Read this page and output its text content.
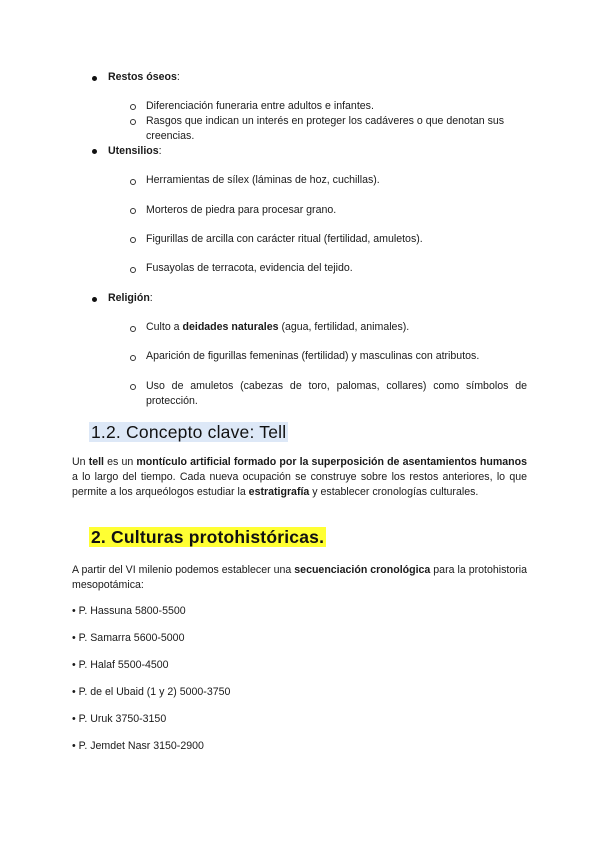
Restos óseos:
Diferenciación funeraria entre adultos e infantes.
Rasgos que indican un interés en proteger los cadáveres o que denotan sus creencias.
Utensilios:
Herramientas de sílex (láminas de hoz, cuchillas).
Morteros de piedra para procesar grano.
Figurillas de arcilla con carácter ritual (fertilidad, amuletos).
Fusayolas de terracota, evidencia del tejido.
Religión:
Culto a deidades naturales (agua, fertilidad, animales).
Aparición de figurillas femeninas (fertilidad) y masculinas con atributos.
Uso de amuletos (cabezas de toro, palomas, collares) como símbolos de protección.
1.2. Concepto clave: Tell
Un tell es un montículo artificial formado por la superposición de asentamientos humanos a lo largo del tiempo. Cada nueva ocupación se construye sobre los restos anteriores, lo que permite a los arqueólogos estudiar la estratigrafía y establecer cronologías culturales.
2. Culturas protohistóricas.
A partir del VI milenio podemos establecer una secuenciación cronológica para la protohistoria mesopotámica:
• P. Hassuna 5800-5500
• P. Samarra 5600-5000
• P. Halaf 5500-4500
• P. de el Ubaid (1 y 2) 5000-3750
• P. Uruk 3750-3150
• P. Jemdet Nasr 3150-2900
